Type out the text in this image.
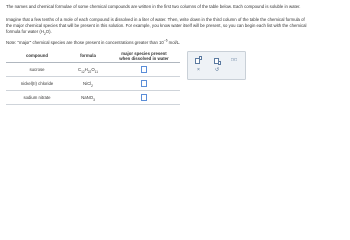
The names and chemical formulae of some chemical compounds are written in the first two columns of the table below. Each compound is soluble in water.

Imagine that a few tenths of a mole of each compound is dissolved in a liter of water. Then, write down in the third column of the table the chemical formula of

the major chemical species that will be present in this solution. For example, you know water itself will be present, so you can begin each list with the chemical

formula for water $(H_2O)$.

Note: "major" chemical species are those present in concentrations greater than $10^{-6}$ mol/L.

compound	formula	major species present
when dissolved in water
sucrose	$C_{12}H_{22}O_{11}$	
nickel(II) chloride	NiCl$_2$	
sodium nitrate	NaNO$_3$	
□-□
×	↺
